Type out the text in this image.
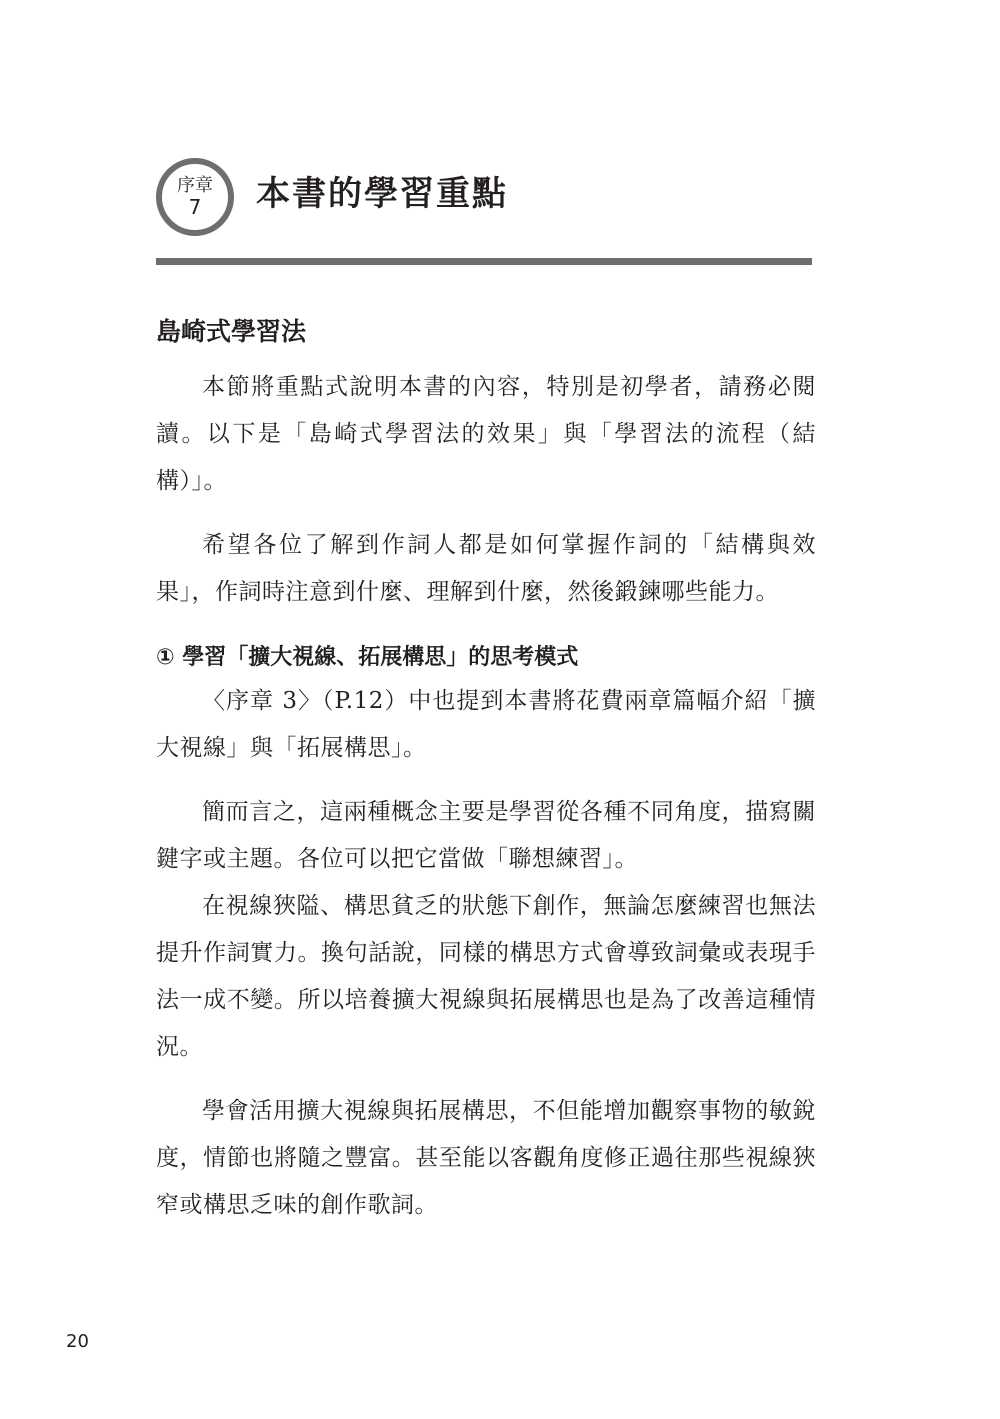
序章
7 本書的學習重點
島崎式學習法

本節將重點式說明本書的內容，特別是初學者，請務必閱讀。以下是「島崎式學習法的效果」與「學習法的流程（結構）」。

希望各位了解到作詞人都是如何掌握作詞的「結構與效果」，作詞時注意到什麼、理解到什麼，然後鍛鍊哪些能力。

① 學習「擴大視線、拓展構思」的思考模式

〈序章 3〉（P.12）中也提到本書將花費兩章篇幅介紹「擴大視線」與「拓展構思」。

簡而言之，這兩種概念主要是學習從各種不同角度，描寫關鍵字或主題。各位可以把它當做「聯想練習」。

在視線狹隘、構思貧乏的狀態下創作，無論怎麼練習也無法提升作詞實力。換句話說，同樣的構思方式會導致詞彙或表現手法一成不變。所以培養擴大視線與拓展構思也是為了改善這種情況。

學會活用擴大視線與拓展構思，不但能增加觀察事物的敏銳度，情節也將隨之豐富。甚至能以客觀角度修正過往那些視線狹窄或構思乏味的創作歌詞。

20
